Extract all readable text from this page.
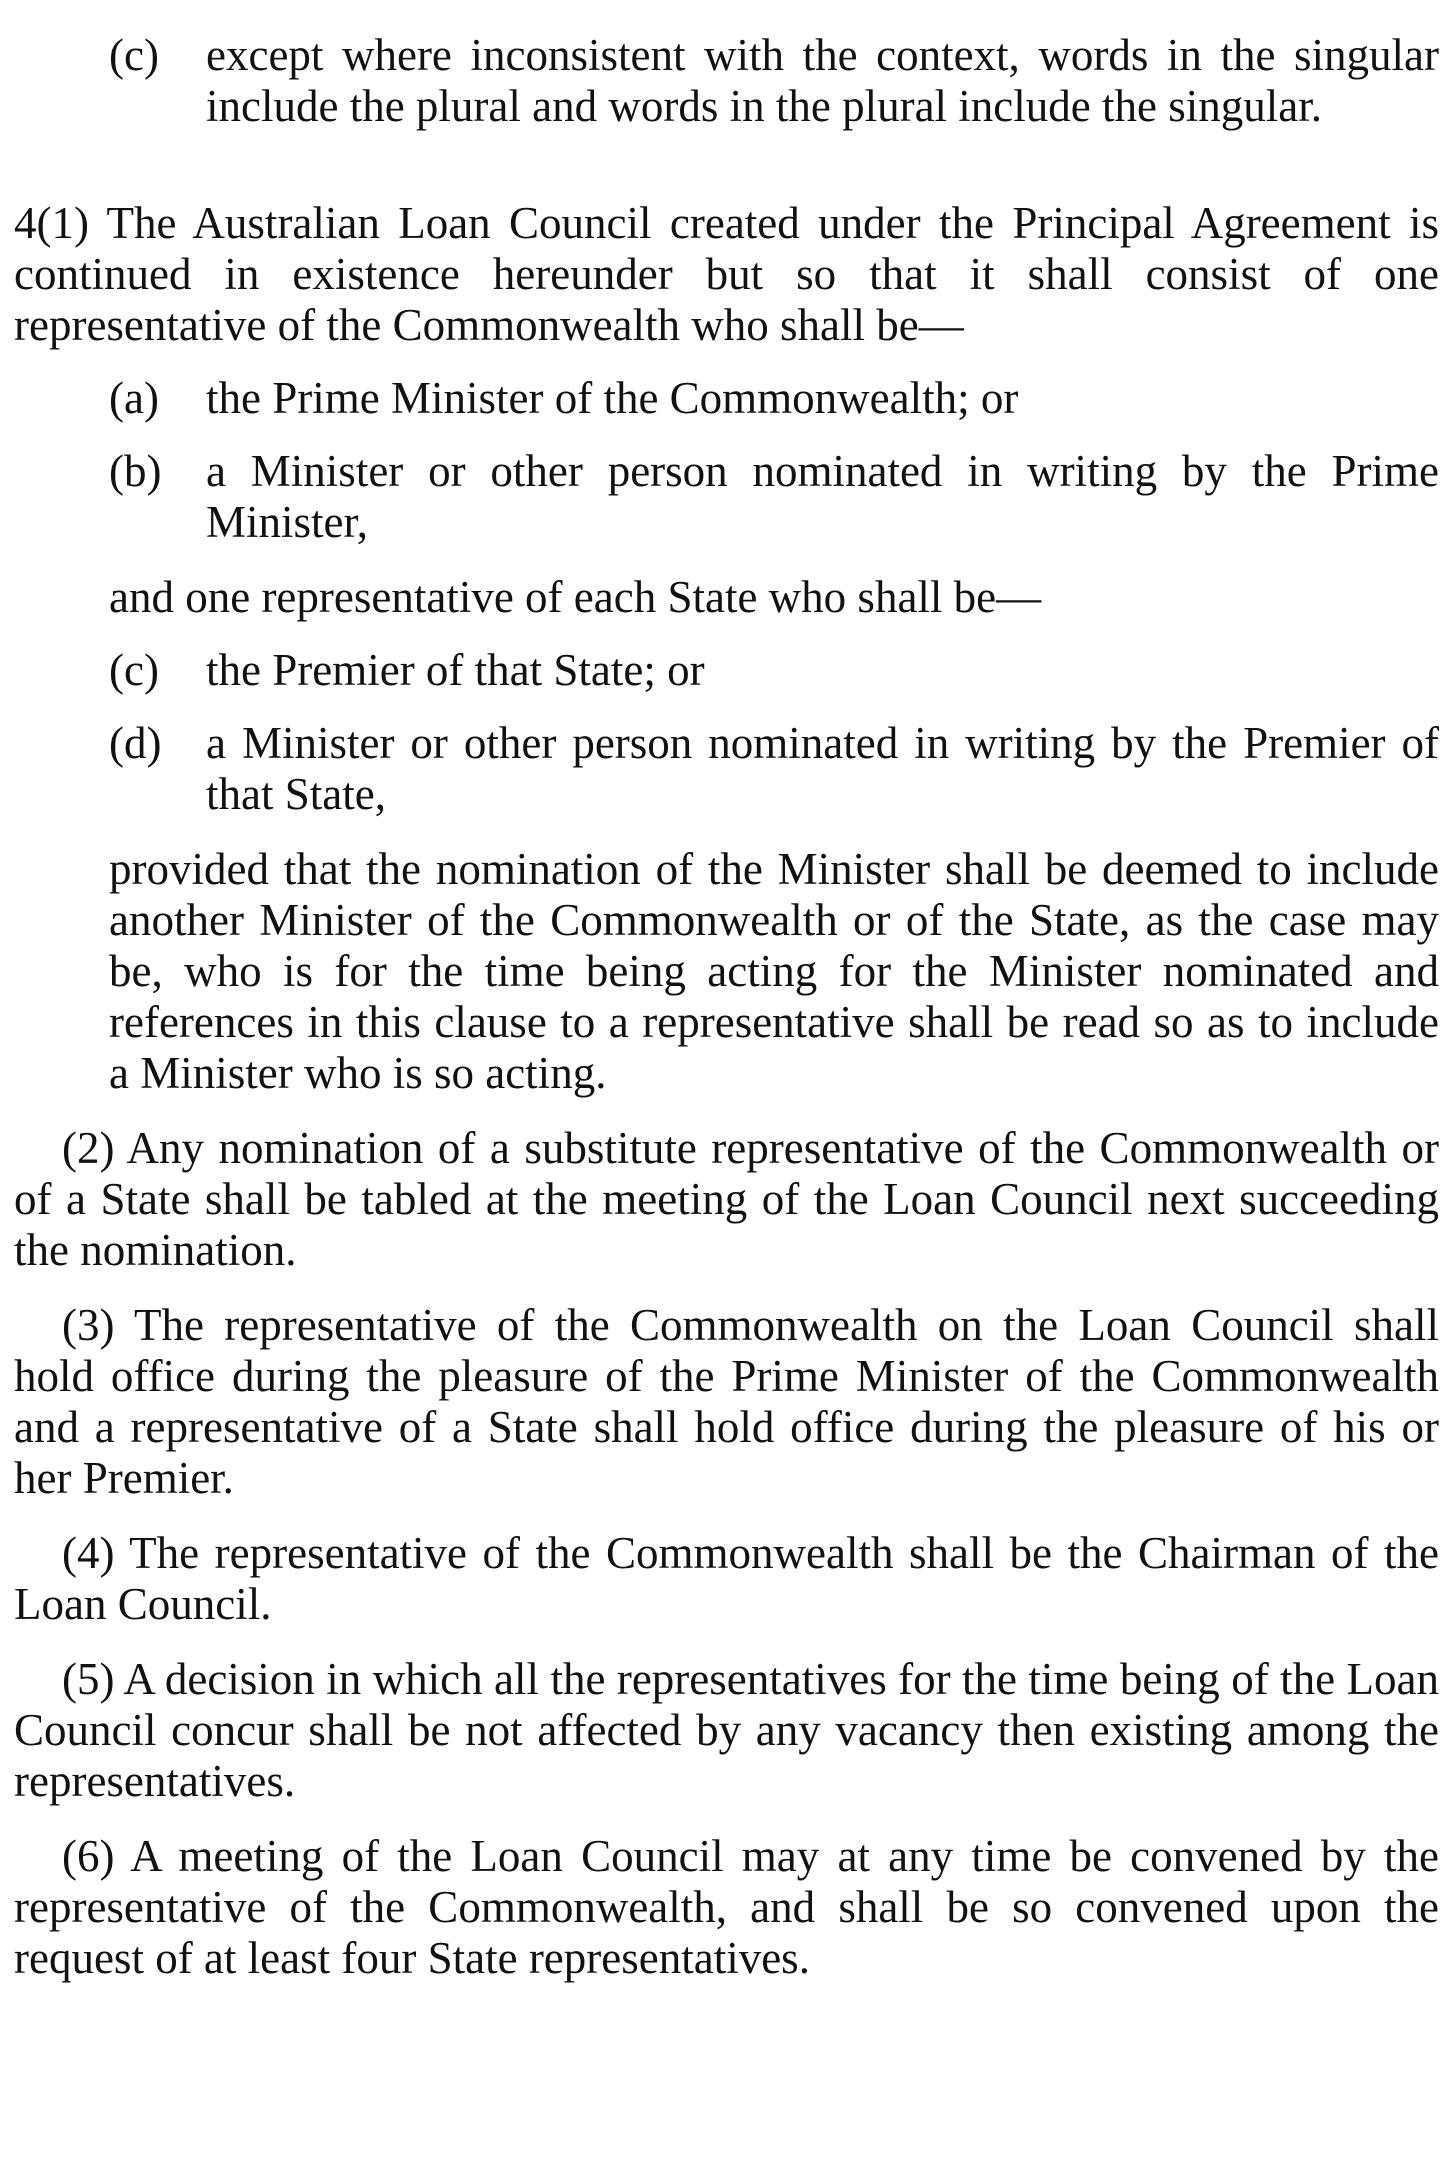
(c) except where inconsistent with the context, words in the singular include the plural and words in the plural include the singular.
4(1) The Australian Loan Council created under the Principal Agreement is continued in existence hereunder but so that it shall consist of one representative of the Commonwealth who shall be—
(a) the Prime Minister of the Commonwealth; or
(b) a Minister or other person nominated in writing by the Prime Minister,
and one representative of each State who shall be—
(c) the Premier of that State; or
(d) a Minister or other person nominated in writing by the Premier of that State,
provided that the nomination of the Minister shall be deemed to include another Minister of the Commonwealth or of the State, as the case may be, who is for the time being acting for the Minister nominated and references in this clause to a representative shall be read so as to include a Minister who is so acting.
(2) Any nomination of a substitute representative of the Commonwealth or of a State shall be tabled at the meeting of the Loan Council next succeeding the nomination.
(3) The representative of the Commonwealth on the Loan Council shall hold office during the pleasure of the Prime Minister of the Commonwealth and a representative of a State shall hold office during the pleasure of his or her Premier.
(4) The representative of the Commonwealth shall be the Chairman of the Loan Council.
(5) A decision in which all the representatives for the time being of the Loan Council concur shall be not affected by any vacancy then existing among the representatives.
(6) A meeting of the Loan Council may at any time be convened by the representative of the Commonwealth, and shall be so convened upon the request of at least four State representatives.
